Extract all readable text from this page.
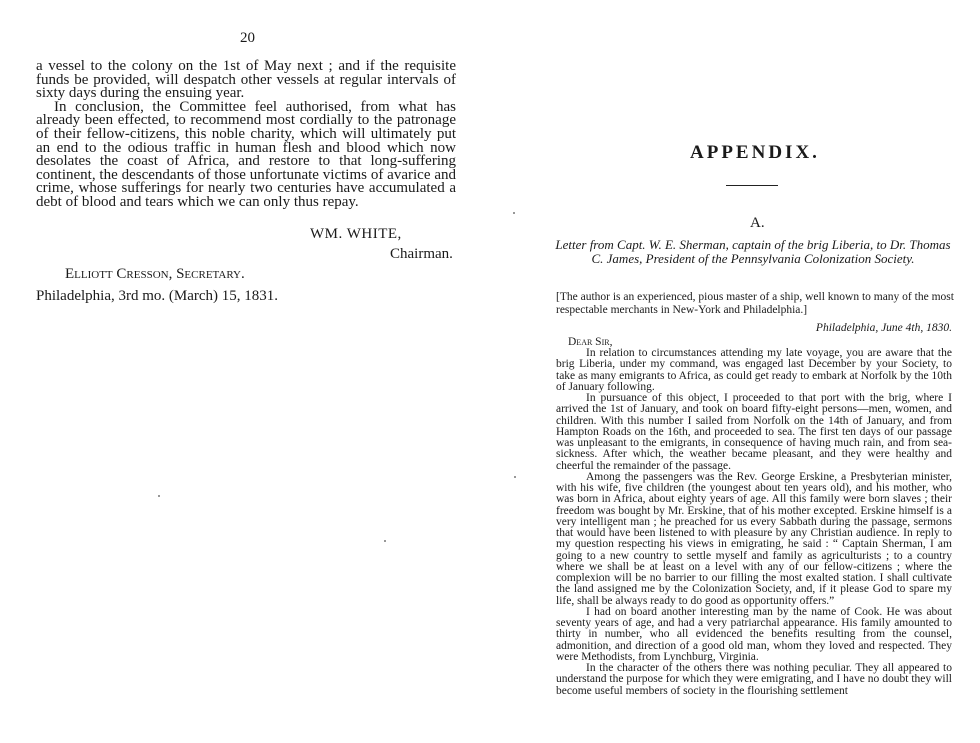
20

a vessel to the colony on the 1st of May next ; and if the requisite funds be provided, will despatch other vessels at regular intervals of sixty days during the ensuing year.

In conclusion, the Committee feel authorised, from what has already been effected, to recommend most cordially to the patronage of their fellow-citizens, this noble charity, which will ultimately put an end to the odious traffic in human flesh and blood which now desolates the coast of Africa, and restore to that long-suffering continent, the descendants of those unfortunate victims of avarice and crime, whose sufferings for nearly two centuries have accumulated a debt of blood and tears which we can only thus repay.

WM. WHITE,
Chairman.
Elliott Cresson, Secretary.
Philadelphia, 3rd mo. (March) 15, 1831.
APPENDIX.
A.
Letter from Capt. W. E. Sherman, captain of the brig Liberia, to Dr. Thomas C. James, President of the Pennsylvania Colonization Society.
[The author is an experienced, pious master of a ship, well known to many of the most respectable merchants in New-York and Philadelphia.]
Philadelphia, June 4th, 1830.
Dear Sir,

In relation to circumstances attending my late voyage, you are aware that the brig Liberia, under my command, was engaged last December by your Society, to take as many emigrants to Africa, as could get ready to embark at Norfolk by the 10th of January following.

In pursuance of this object, I proceeded to that port with the brig, where I arrived the 1st of January, and took on board fifty-eight persons—men, women, and children. With this number I sailed from Norfolk on the 14th of January, and from Hampton Roads on the 16th, and proceeded to sea. The first ten days of our passage was unpleasant to the emigrants, in consequence of having much rain, and from sea-sickness. After which, the weather became pleasant, and they were healthy and cheerful the remainder of the passage.

Among the passengers was the Rev. George Erskine, a Presbyterian minister, with his wife, five children (the youngest about ten years old), and his mother, who was born in Africa, about eighty years of age. All this family were born slaves ; their freedom was bought by Mr. Erskine, that of his mother excepted. Erskine himself is a very intelligent man ; he preached for us every Sabbath during the passage, sermons that would have been listened to with pleasure by any Christian audience. In reply to my question respecting his views in emigrating, he said : “ Captain Sherman, I am going to a new country to settle myself and family as agriculturists ; to a country where we shall be at least on a level with any of our fellow-citizens ; where the complexion will be no barrier to our filling the most exalted station. I shall cultivate the land assigned me by the Colonization Society, and, if it please God to spare my life, shall be always ready to do good as opportunity offers.”

I had on board another interesting man by the name of Cook. He was about seventy years of age, and had a very patriarchal appearance. His family amounted to thirty in number, who all evidenced the benefits resulting from the counsel, admonition, and direction of a good old man, whom they loved and respected. They were Methodists, from Lynchburg, Virginia.

In the character of the others there was nothing peculiar. They all appeared to understand the purpose for which they were emigrating, and I have no doubt they will become useful members of society in the flourishing settlement
